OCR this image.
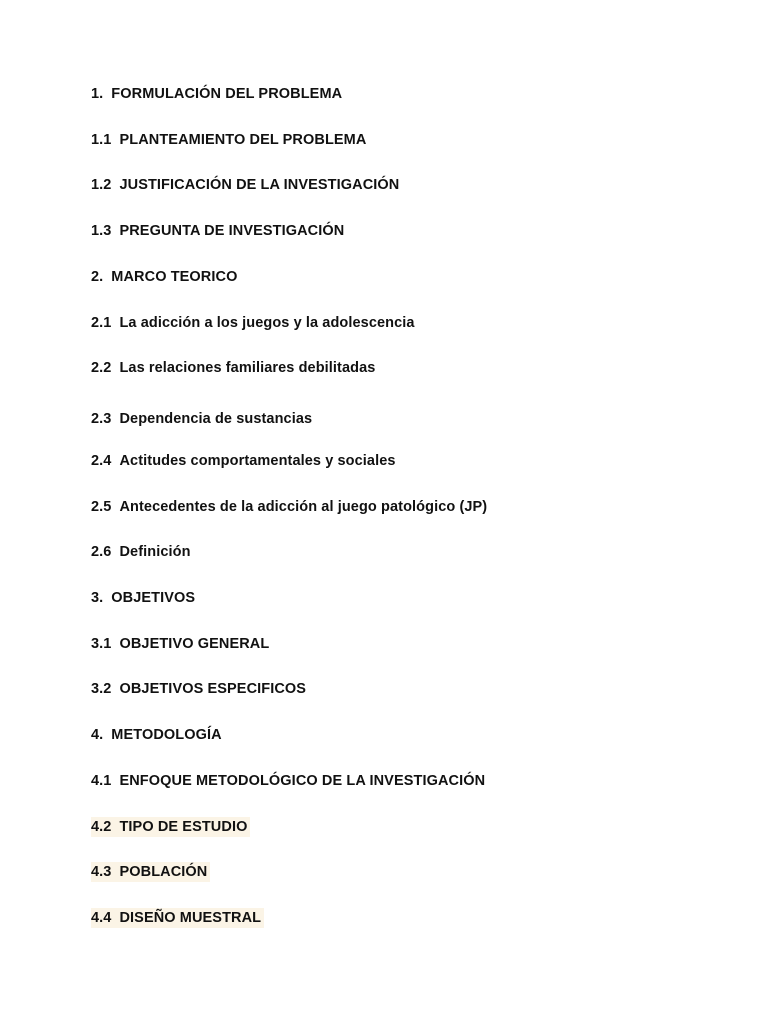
1. FORMULACIÓN DEL PROBLEMA
1.1 PLANTEAMIENTO DEL PROBLEMA
1.2 JUSTIFICACIÓN DE LA INVESTIGACIÓN
1.3 PREGUNTA DE INVESTIGACIÓN
2. MARCO TEORICO
2.1 La adicción a los juegos y la adolescencia
2.2 Las relaciones familiares debilitadas
2.3 Dependencia de sustancias
2.4 Actitudes comportamentales y sociales
2.5 Antecedentes de la adicción al juego patológico (JP)
2.6 Definición
3. OBJETIVOS
3.1 OBJETIVO GENERAL
3.2 OBJETIVOS ESPECIFICOS
4. METODOLOGÍA
4.1 ENFOQUE METODOLÓGICO DE LA INVESTIGACIÓN
4.2 TIPO DE ESTUDIO
4.3 POBLACIÓN
4.4 DISEÑO MUESTRAL
